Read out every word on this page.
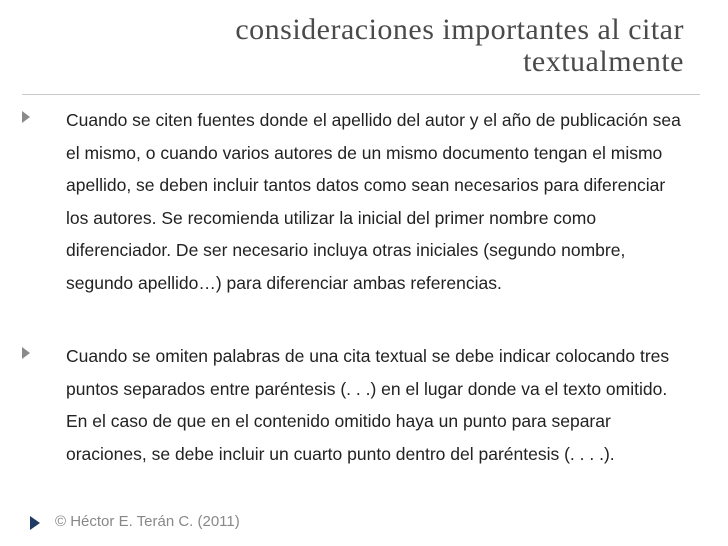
consideraciones importantes al citar textualmente
Cuando se citen fuentes donde el apellido del autor y el año de publicación sea el mismo, o cuando varios autores de un mismo documento tengan el mismo apellido, se deben incluir tantos datos como sean necesarios para diferenciar los autores. Se recomienda utilizar la inicial del primer nombre como diferenciador. De ser necesario incluya otras iniciales (segundo nombre, segundo apellido…) para diferenciar ambas referencias.
Cuando se omiten palabras de una cita textual se debe indicar colocando tres puntos separados entre paréntesis (. . .) en el lugar donde va el texto omitido. En el caso de que en el contenido omitido haya un punto para separar oraciones, se debe incluir un cuarto punto dentro del paréntesis (. . . .).
© Héctor E. Terán C. (2011)
